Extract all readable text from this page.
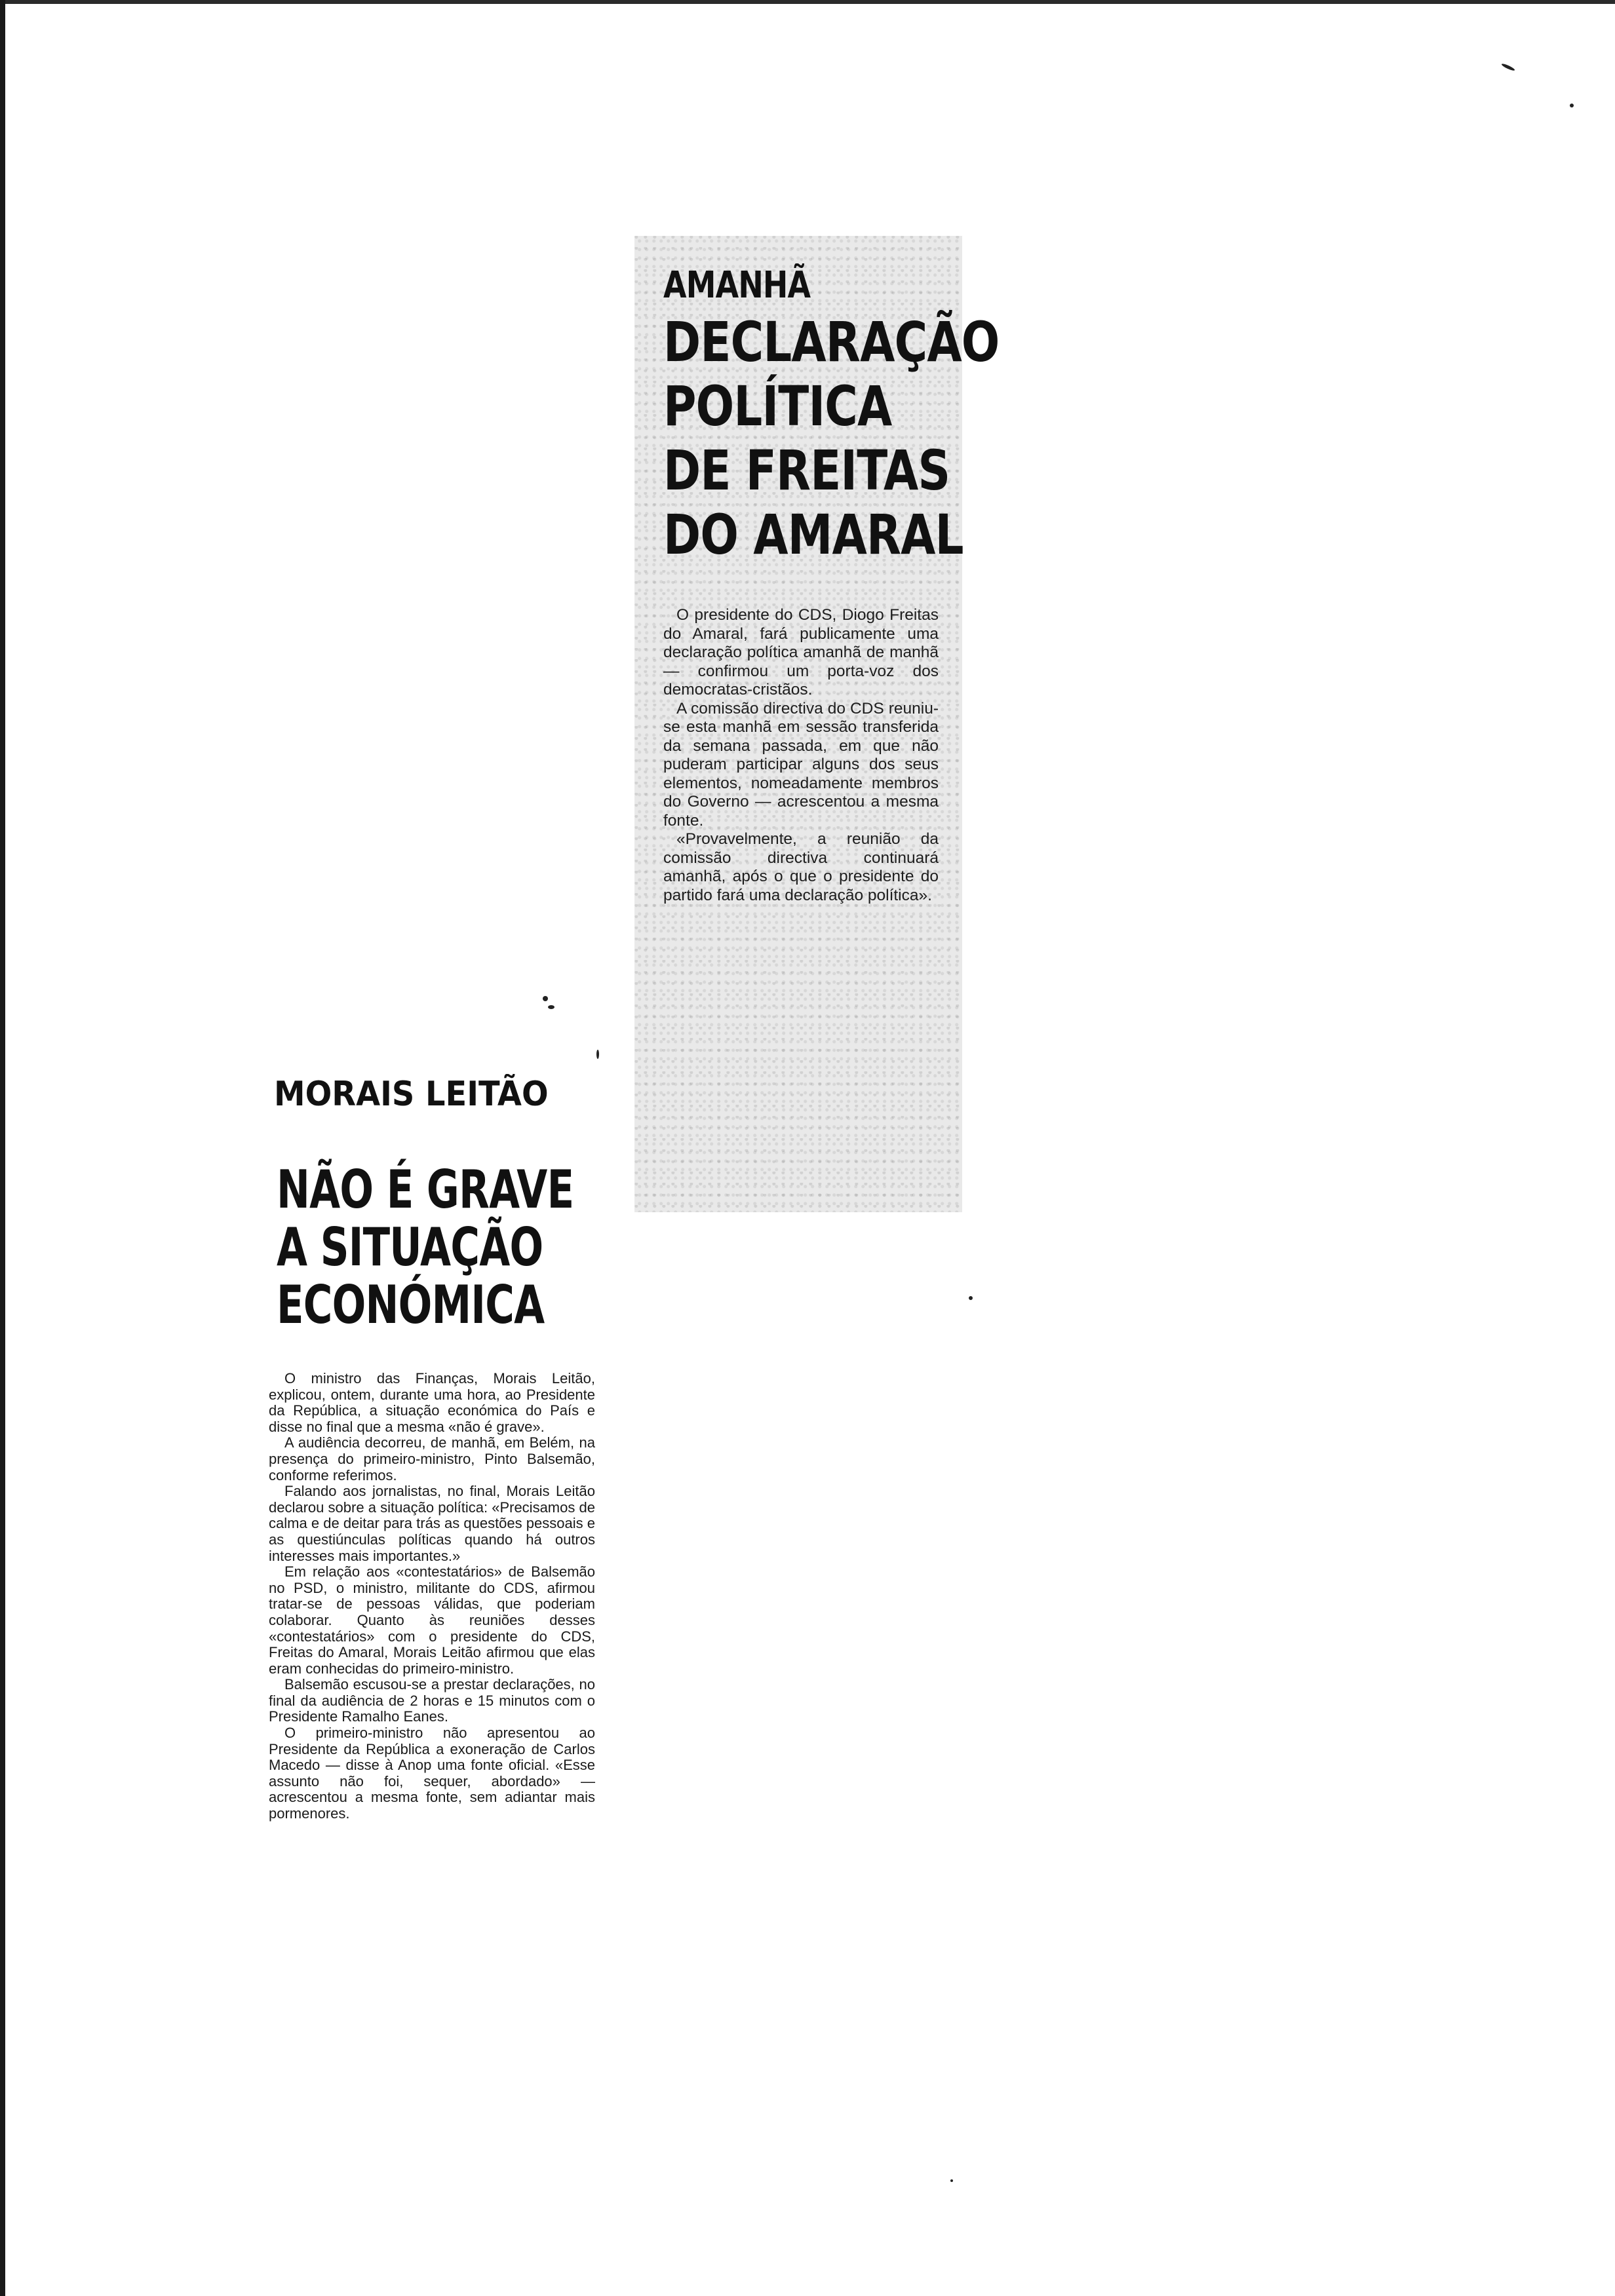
AMANHÃ
DECLARAÇÃO
POLÍTICA
DE FREITAS
DO AMARAL

O presidente do CDS, Diogo Freitas do Amaral, fará publicamente uma declaração política amanhã de manhã — confirmou um porta-voz dos democratas-cristãos.

A comissão directiva do CDS reuniu-se esta manhã em sessão transferida da semana passada, em que não puderam participar alguns dos seus elementos, nomeadamente membros do Governo — acrescentou a mesma fonte.

«Provavelmente, a reunião da comissão directiva continuará amanhã, após o que o presidente do partido fará uma declaração política».

MORAIS LEITÃO
NÃO É GRAVE
A SITUAÇÃO
ECONÓMICA

O ministro das Finanças, Morais Leitão, explicou, ontem, durante uma hora, ao Presidente da República, a situação económica do País e disse no final que a mesma «não é grave».

A audiência decorreu, de manhã, em Belém, na presença do primeiro-ministro, Pinto Balsemão, conforme referimos.

Falando aos jornalistas, no final, Morais Leitão declarou sobre a situação política: «Precisamos de calma e de deitar para trás as questões pessoais e as questiúnculas políticas quando há outros interesses mais importantes.»

Em relação aos «contestatários» de Balsemão no PSD, o ministro, militante do CDS, afirmou tratar-se de pessoas válidas, que poderiam colaborar. Quanto às reuniões desses «contestatários» com o presidente do CDS, Freitas do Amaral, Morais Leitão afirmou que elas eram conhecidas do primeiro-ministro.

Balsemão escusou-se a prestar declarações, no final da audiência de 2 horas e 15 minutos com o Presidente Ramalho Eanes.

O primeiro-ministro não apresentou ao Presidente da República a exoneração de Carlos Macedo — disse à Anop uma fonte oficial. «Esse assunto não foi, sequer, abordado» — acrescentou a mesma fonte, sem adiantar mais pormenores.
